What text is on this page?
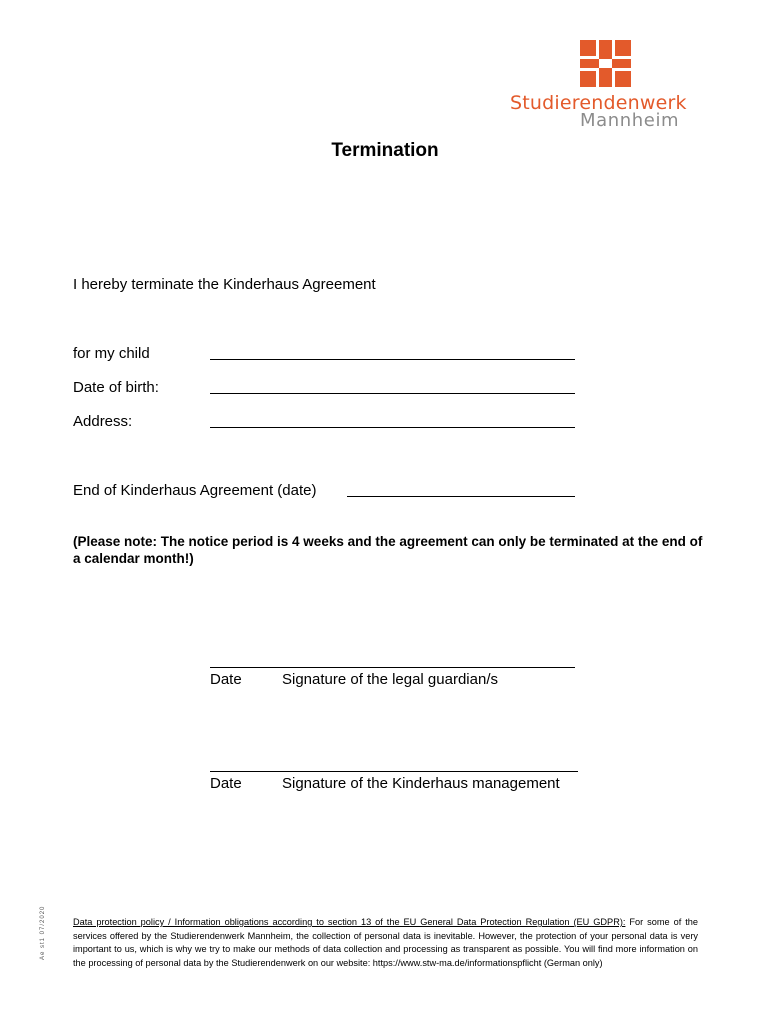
Studierendenwerk
Mannheim
Termination
I hereby terminate the Kinderhaus Agreement
for my child
Date of birth:
Address:
End of Kinderhaus Agreement (date)
(Please note: The notice period is 4 weeks and the agreement can only be terminated at the end of a calendar month!)
Date	Signature of the legal guardian/s
Date	Signature of the Kinderhaus management
Data protection policy / Information obligations according to section 13 of the EU General Data Protection Regulation (EU GDPR): For some of the services offered by the Studierendenwerk Mannheim, the collection of personal data is inevitable. However, the protection of your personal data is very important to us, which is why we try to make our methods of data collection and processing as transparent as possible. You will find more information on the processing of personal data by the Studierendenwerk on our website: https://www.stw-ma.de/informationspflicht (German only)
Ae st1 07/2020
